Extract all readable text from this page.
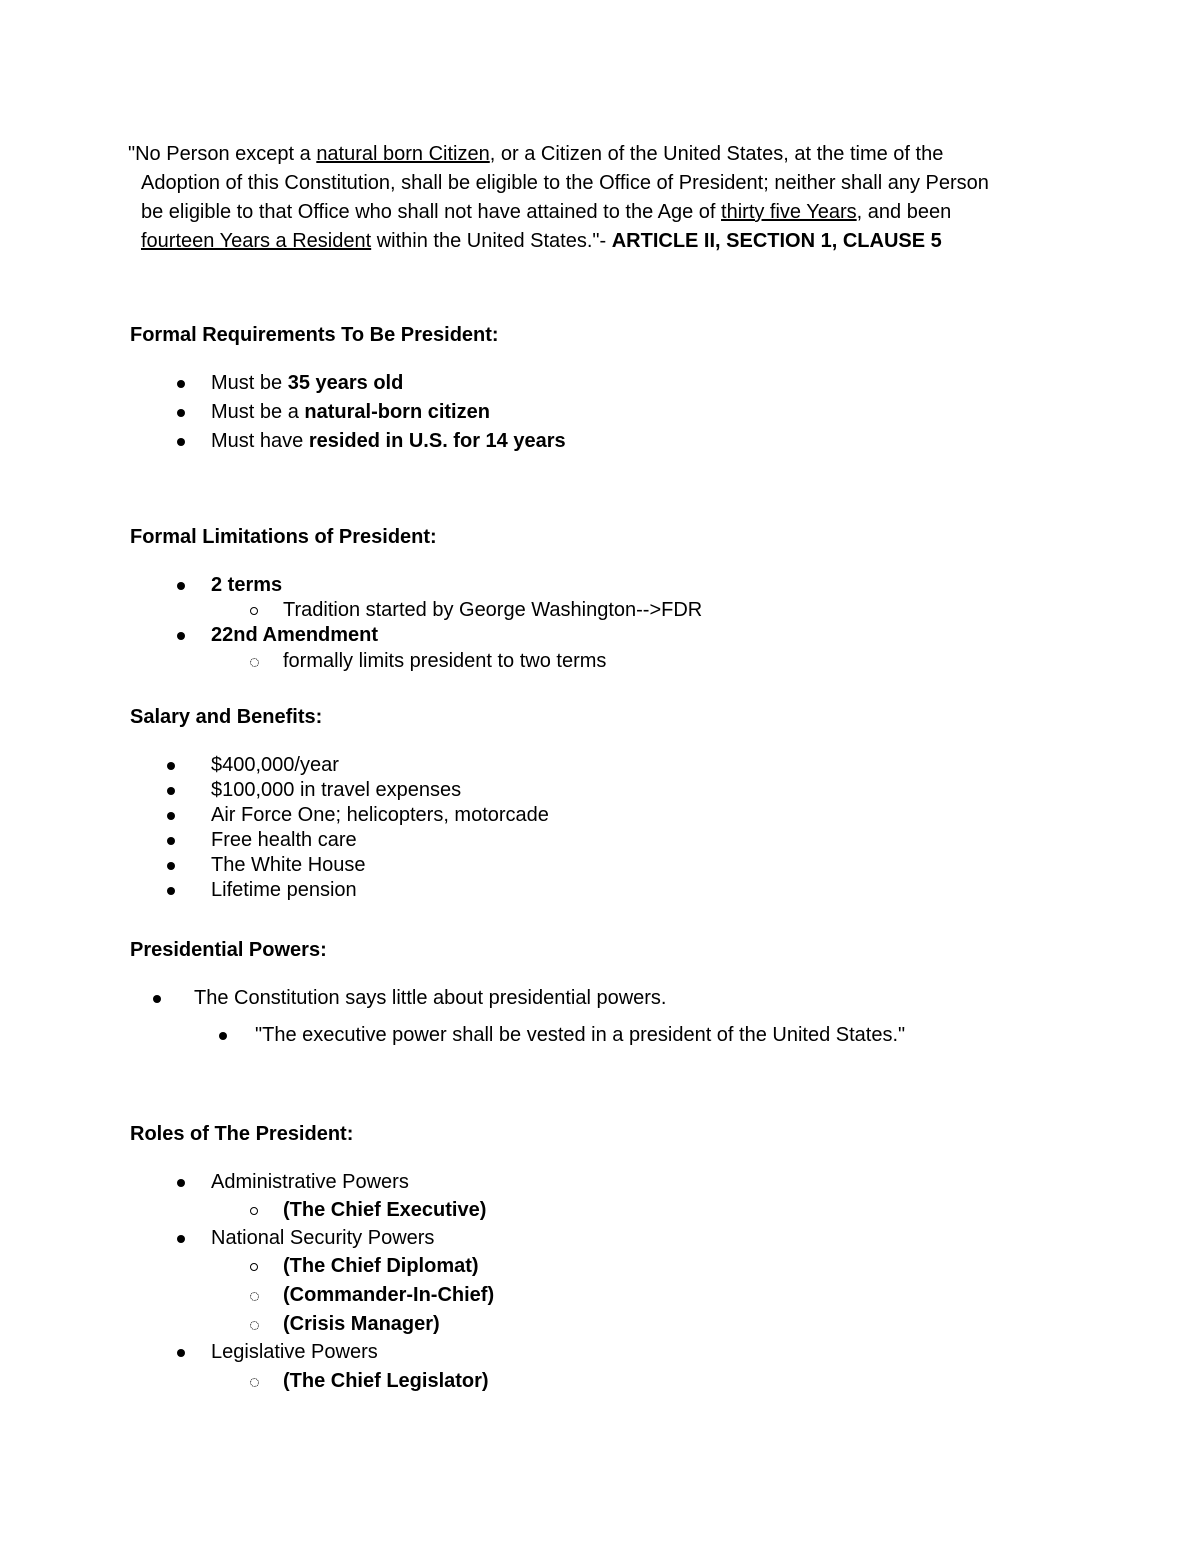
"No Person except a natural born Citizen, or a Citizen of the United States, at the time of the
Adoption of this Constitution, shall be eligible to the Office of President; neither shall any Person
be eligible to that Office who shall not have attained to the Age of thirty five Years, and been
fourteen Years a Resident within the United States."- ARTICLE II, SECTION 1, CLAUSE 5
Formal Requirements To Be President:
Must be 35 years old
Must be a natural-born citizen
Must have resided in U.S. for 14 years
Formal Limitations of President:
2 terms
Tradition started by George Washington-->FDR
22nd Amendment
formally limits president to two terms
Salary and Benefits:
$400,000/year
$100,000 in travel expenses
Air Force One; helicopters, motorcade
Free health care
The White House
Lifetime pension
Presidential Powers:
The Constitution says little about presidential powers.
"The executive power shall be vested in a president of the United States."
Roles of The President:
Administrative Powers
(The Chief Executive)
National Security Powers
(The Chief Diplomat)
(Commander-In-Chief)
(Crisis Manager)
Legislative Powers
(The Chief Legislator)
